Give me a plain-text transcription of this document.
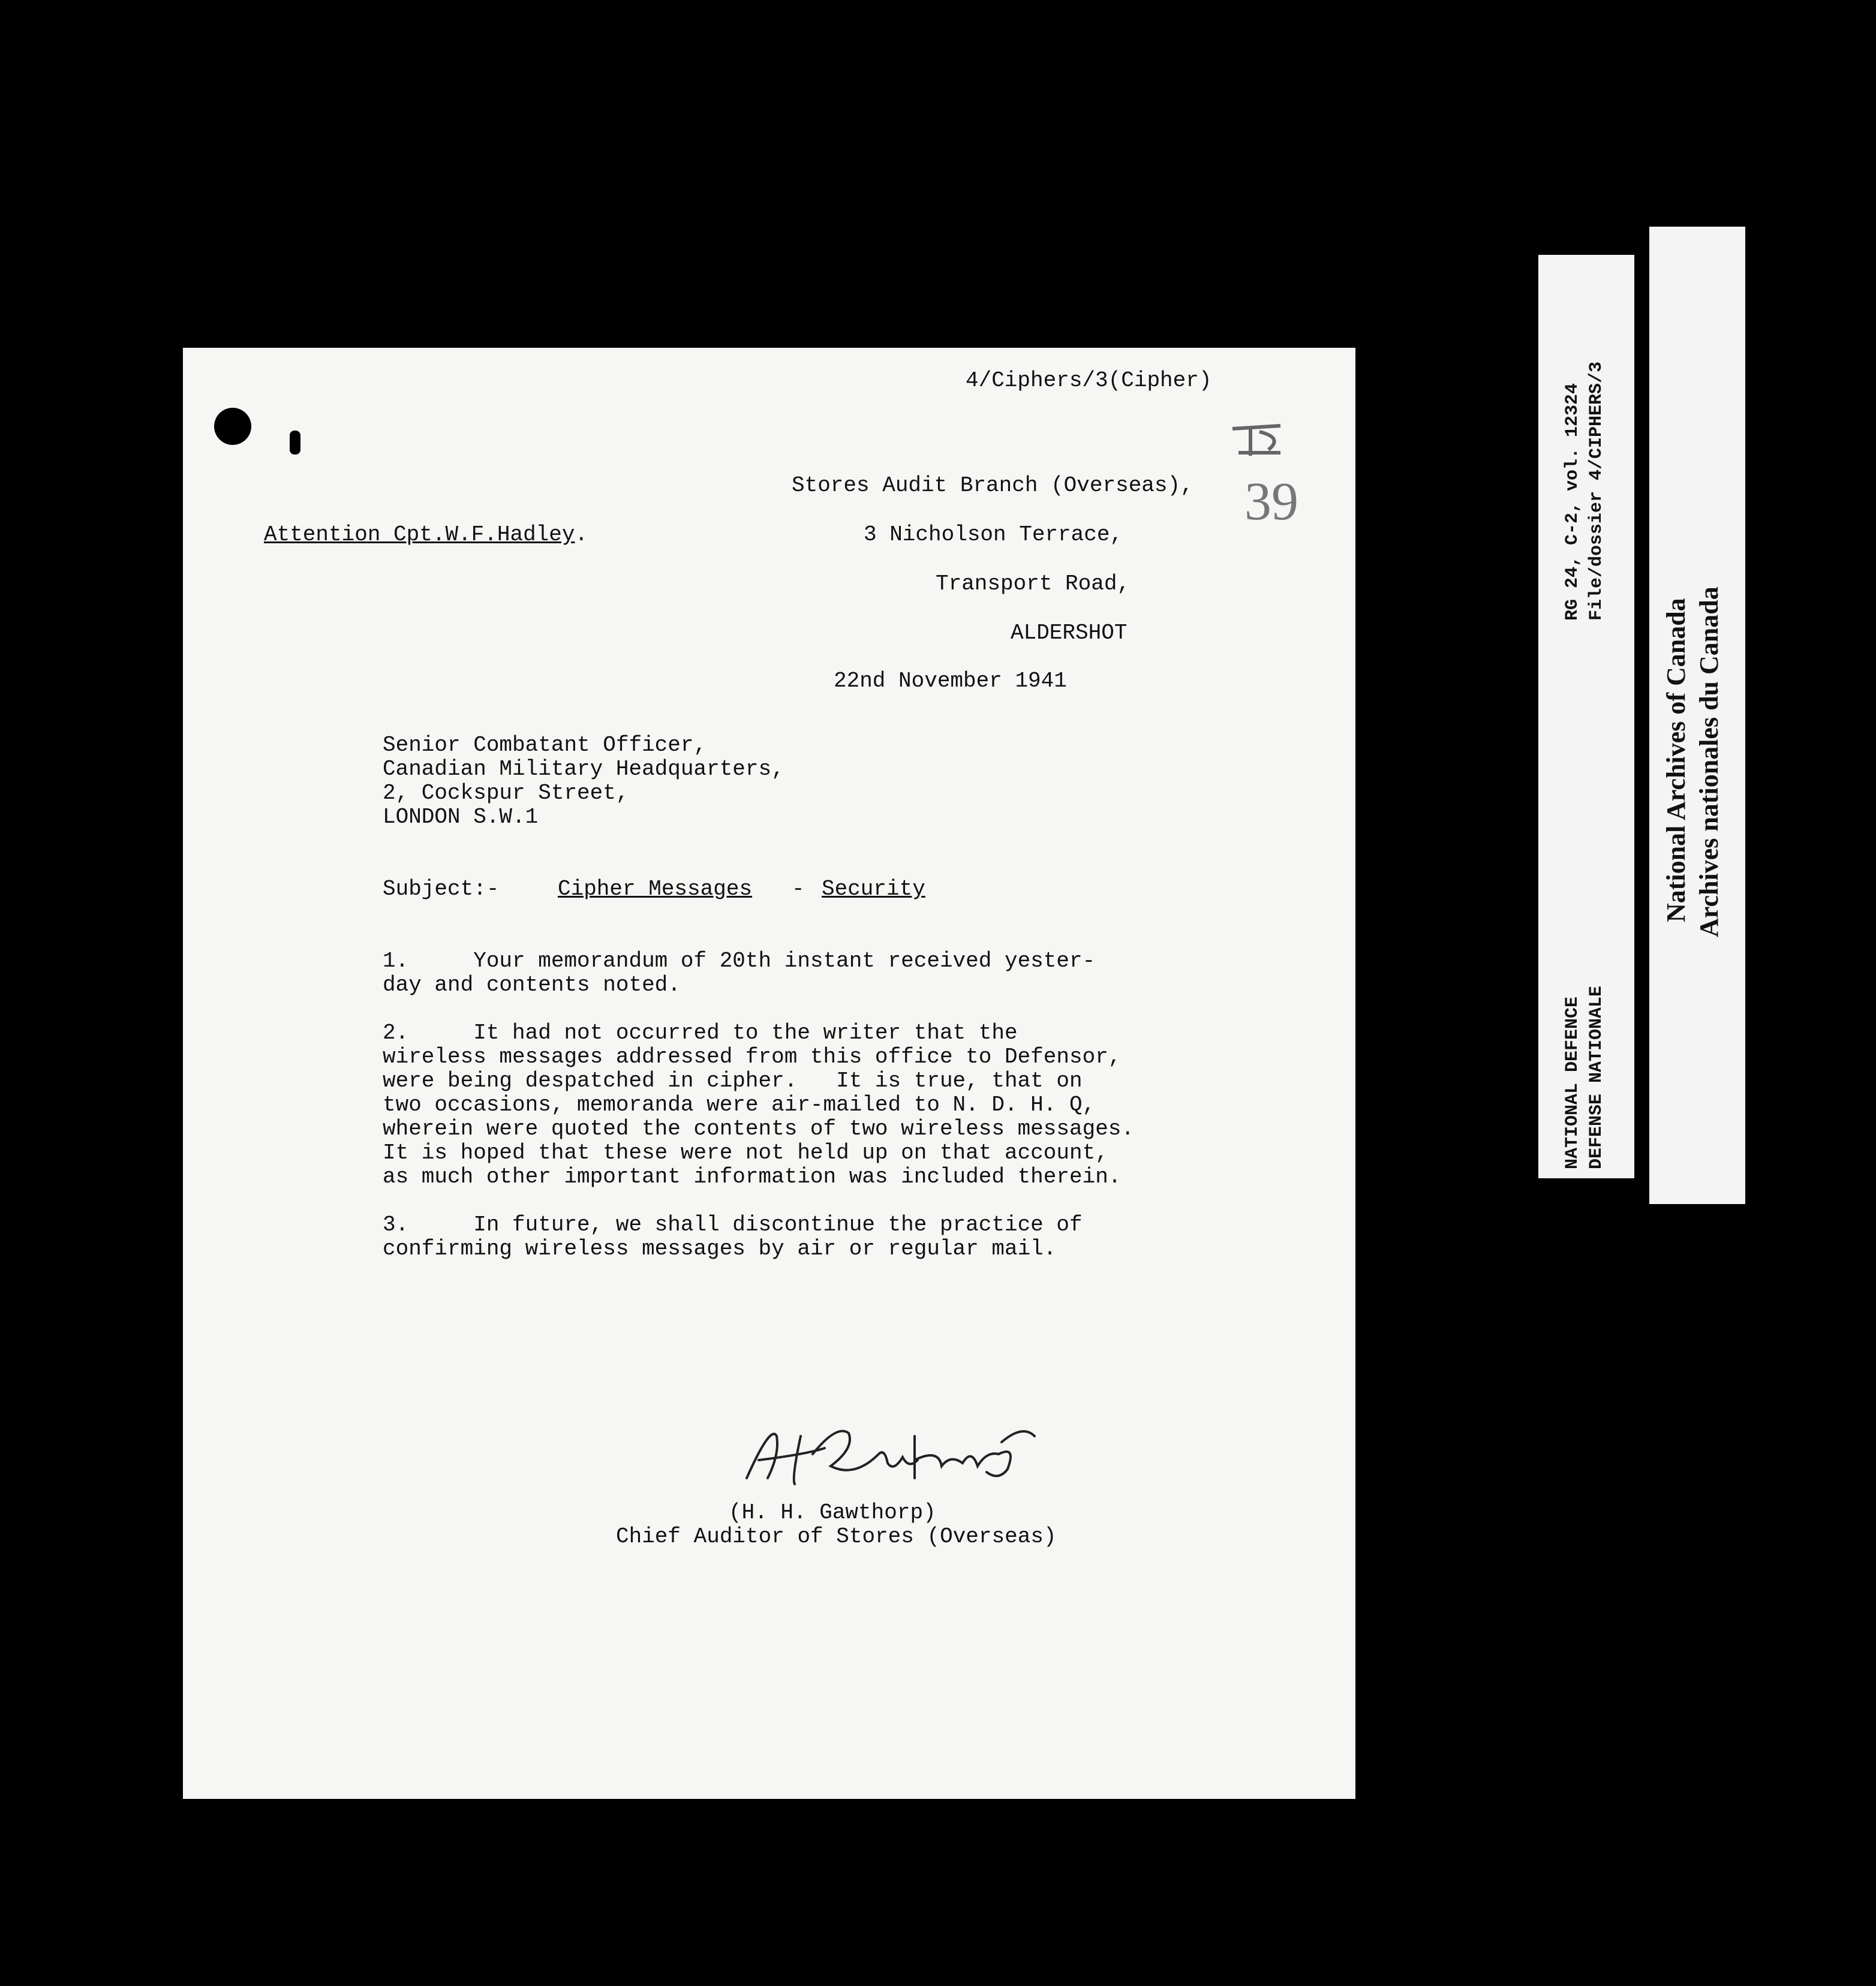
4/Ciphers/3(Cipher)
39
Stores Audit Branch (Overseas),
Attention Cpt.W.F.Hadley.	3 Nicholson Terrace,
Transport Road,
ALDERSHOT
22nd November 1941
Senior Combatant Officer,
Canadian Military Headquarters,
2, Cockspur Street,
LONDON S.W.1
Subject:-	Cipher Messages - Security
1.     Your memorandum of 20th instant received yester-
day and contents noted.
2.     It had not occurred to the writer that the
wireless messages addressed from this office to Defensor,
were being despatched in cipher.   It is true, that on
two occasions, memoranda were air-mailed to N. D. H. Q,
wherein were quoted the contents of two wireless messages.
It is hoped that these were not held up on that account,
as much other important information was included therein.
3.     In future, we shall discontinue the practice of
confirming wireless messages by air or regular mail.
(H. H. Gawthorp)
Chief Auditor of Stores (Overseas)
RG 24, C-2, vol. 12324 File/dossier 4/CIPHERS/3
NATIONAL DEFENCE DEFENSE NATIONALE
National Archives of Canada Archives nationales du Canada
